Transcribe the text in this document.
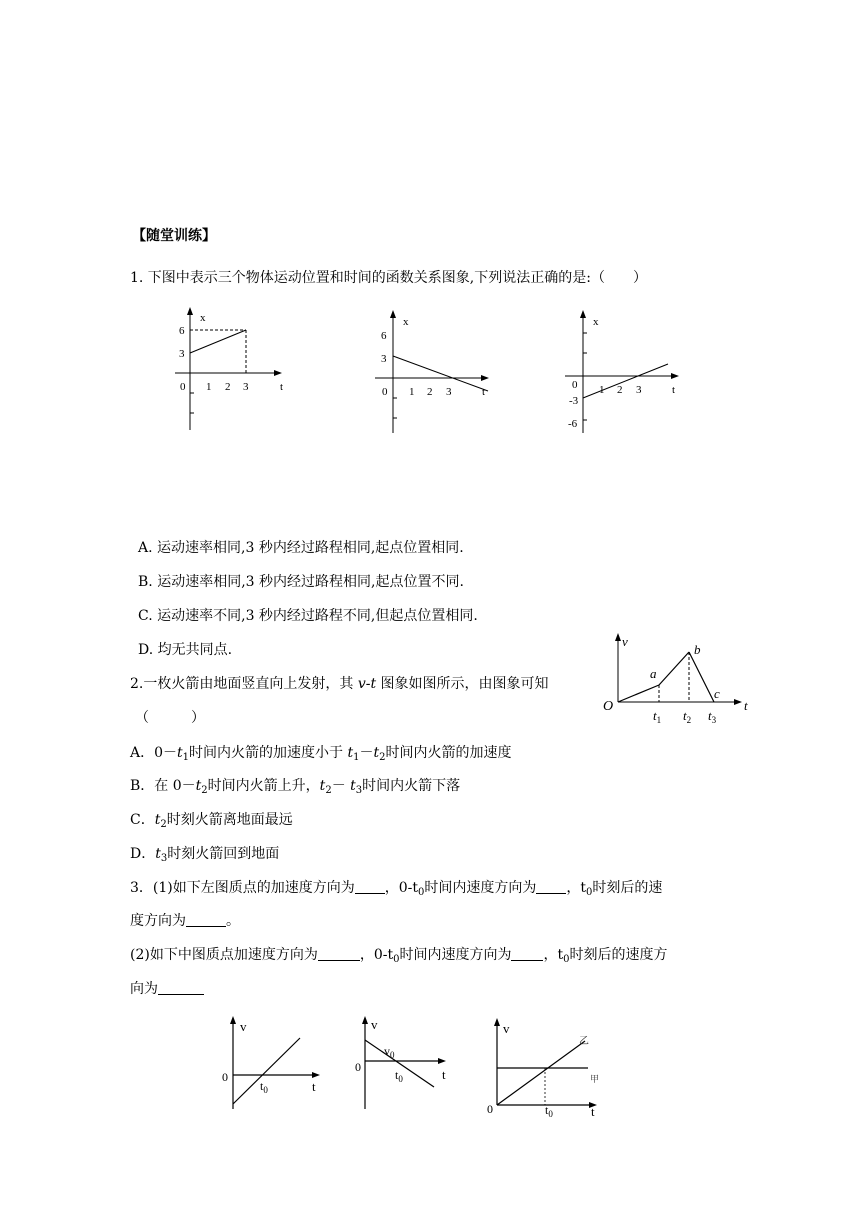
【随堂训练】
1. 下图中表示三个物体运动位置和时间的函数关系图象,下列说法正确的是:（　　）
x
6
3
0 1 2 3	t
x
6
3
0 1 2 3	t
x
0 1 2 3	t
-3
-6
A. 运动速率相同,3 秒内经过路程相同,起点位置相同.
B. 运动速率相同,3 秒内经过路程相同,起点位置不同.
C. 运动速率不同,3 秒内经过路程不同,但起点位置相同.
D. 均无共同点.
2.一枚火箭由地面竖直向上发射，其 v-t 图象如图所示，由图象可知
（　　　）
v
O
a
b
c
t
$t_1$ $t_2$ $t_3$
A．$0-t_1$时间内火箭的加速度小于 $t_1-t_2$时间内火箭的加速度
B．在 $0-t_2$时间内火箭上升，$t_2- t_3$时间内火箭下落
C．$t_2$时刻火箭离地面最远
D．$t_3$时刻火箭回到地面
3．(1)如下左图质点的加速度方向为 ，$0-t_0$时间内速度方向为 ，$t_0$时刻后的速
度方向为	。
(2)如下中图质点加速度方向为	，$0-t_0$时间内速度方向为 ，$t_0$时刻后的速度方
向为
v
0
$t_0$	t
v
0
$v_0$
$t_0$	t
v
乙
甲
0	$t_0$	t
